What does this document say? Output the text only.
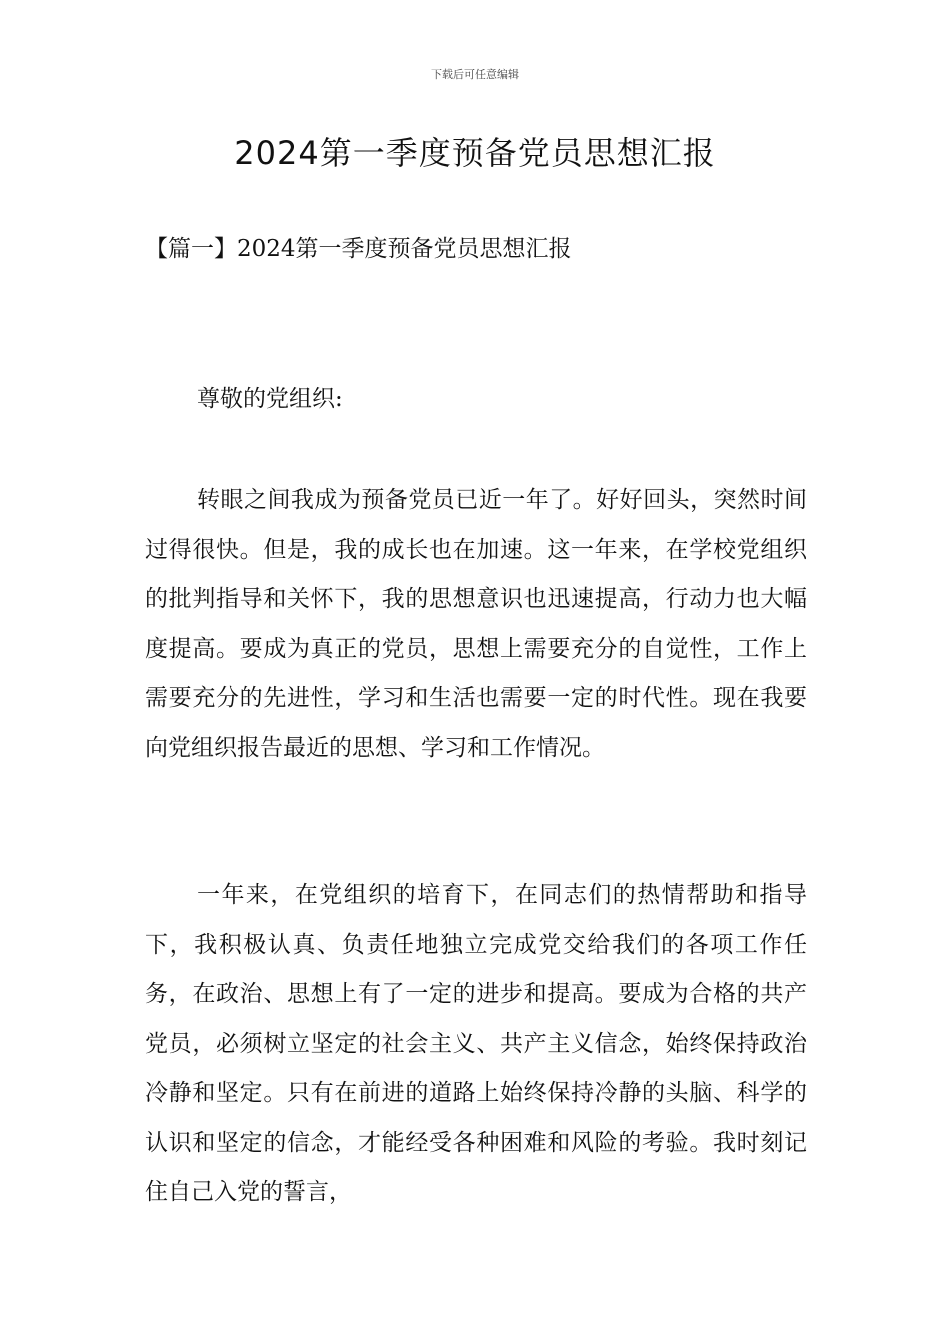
下载后可任意编辑
2024第一季度预备党员思想汇报
【篇一】2024第一季度预备党员思想汇报
尊敬的党组织:

转眼之间我成为预备党员已近一年了。好好回头，突然时间过得很快。但是，我的成长也在加速。这一年来，在学校党组织的批判指导和关怀下，我的思想意识也迅速提高，行动力也大幅度提高。要成为真正的党员，思想上需要充分的自觉性，工作上需要充分的先进性，学习和生活也需要一定的时代性。现在我要向党组织报告最近的思想、学习和工作情况。

一年来，在党组织的培育下，在同志们的热情帮助和指导下，我积极认真、负责任地独立完成党交给我们的各项工作任务，在政治、思想上有了一定的进步和提高。要成为合格的共产党员，必须树立坚定的社会主义、共产主义信念，始终保持政治冷静和坚定。只有在前进的道路上始终保持冷静的头脑、科学的认识和坚定的信念，才能经受各种困难和风险的考验。我时刻记住自己入党的誓言，
